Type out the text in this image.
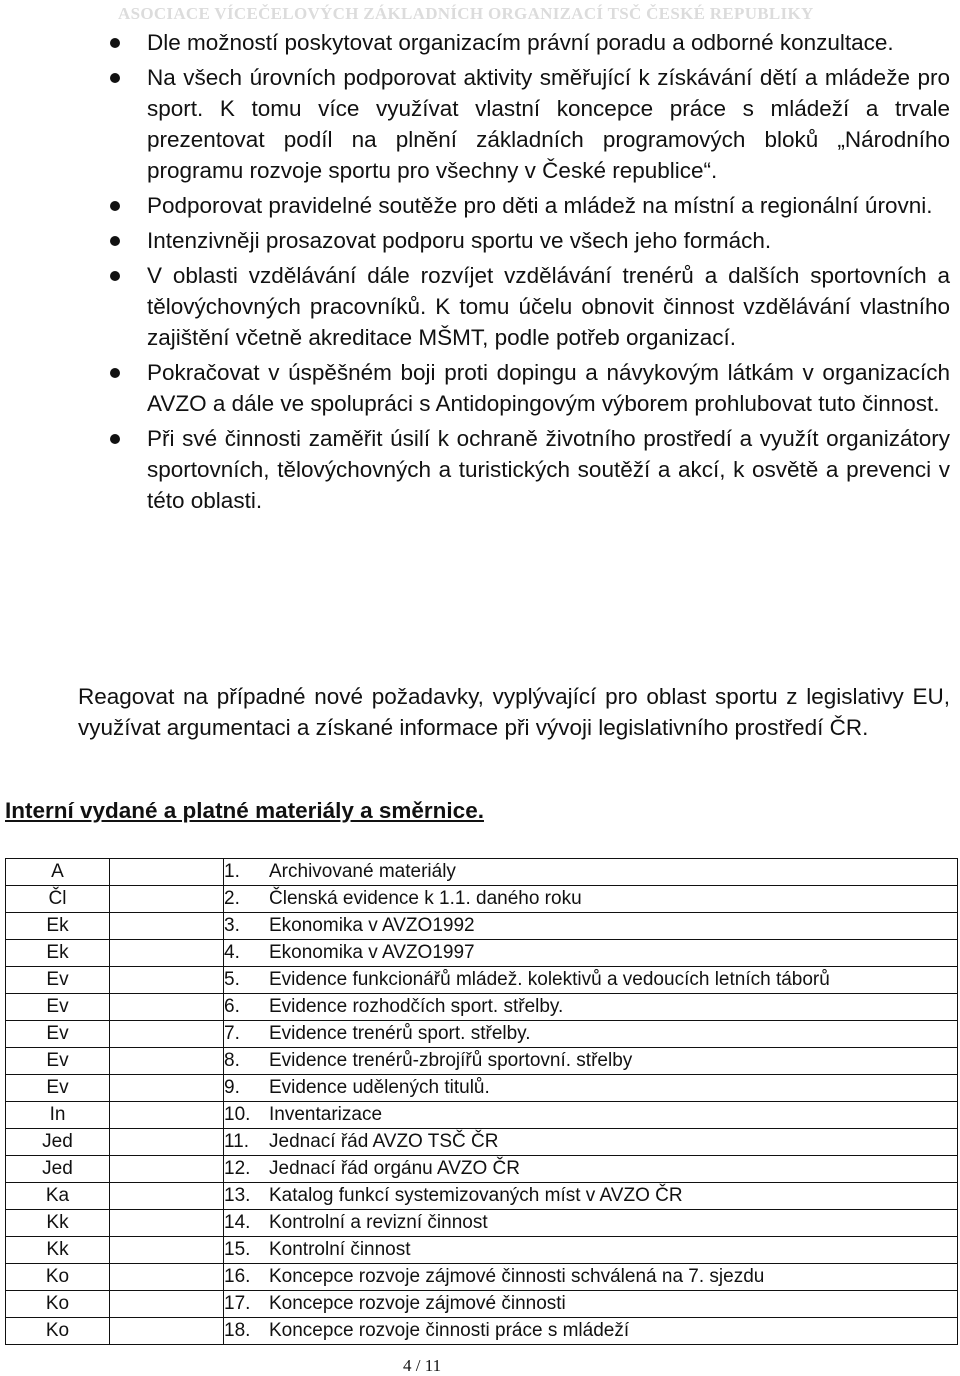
ASOCIACE VÍCEČELOVÝCH ZÁKLADNÍCH ORGANIZACÍ TSČ ČESKÉ REPUBLIKY
Dle možností poskytovat organizacím právní poradu a odborné konzultace.
Na všech úrovních podporovat aktivity směřující k získávání dětí a mládeže pro sport. K tomu více využívat vlastní koncepce práce s mládeží a trvale prezentovat podíl na plnění základních programových bloků „Národního programu rozvoje sportu pro všechny v České republice“.
Podporovat pravidelné soutěže pro děti a mládež na místní a regionální úrovni.
Intenzivněji prosazovat podporu sportu ve všech jeho formách.
V oblasti vzdělávání dále rozvíjet vzdělávání trenérů a dalších sportovních a tělovýchovných pracovníků. K tomu účelu obnovit činnost vzdělávání vlastního zajištění včetně akreditace MŠMT, podle potřeb organizací.
Pokračovat v úspěšném boji proti dopingu a návykovým látkám v organizacích AVZO a dále ve spolupráci s Antidopingovým výborem prohlubovat tuto činnost.
Při své činnosti zaměřit úsilí k ochraně životního prostředí a využít organizátory sportovních, tělovýchovných a turistických soutěží a akcí, k osvětě a prevenci v této oblasti.

Reagovat na případné nové požadavky, vyplývající pro oblast sportu z legislativy EU, využívat argumentaci a získané informace při vývoji legislativního prostředí ČR.

Interní vydané a platné materiály a směrnice.
A		1. Archivované materiály
Čl		2. Členská evidence k 1.1. daného roku
Ek		3. Ekonomika v AVZO1992
Ek		4. Ekonomika v AVZO1997
Ev		5. Evidence funkcionářů mládež. kolektivů a vedoucích letních táborů
Ev		6. Evidence rozhodčích sport. střelby.
Ev		7. Evidence trenérů sport. střelby.
Ev		8. Evidence trenérů-zbrojířů sportovní. střelby
Ev		9. Evidence udělených titulů.
In		10. Inventarizace
Jed		11. Jednací řád AVZO TSČ ČR
Jed		12. Jednací řád orgánu AVZO ČR
Ka		13. Katalog funkcí systemizovaných míst v AVZO ČR
Kk		14. Kontrolní a revizní činnost
Kk		15. Kontrolní činnost
Ko		16. Koncepce rozvoje zájmové činnosti schválená na 7. sjezdu
Ko		17. Koncepce rozvoje zájmové činnosti
Ko		18. Koncepce rozvoje činnosti práce s mládeží
4 / 11
